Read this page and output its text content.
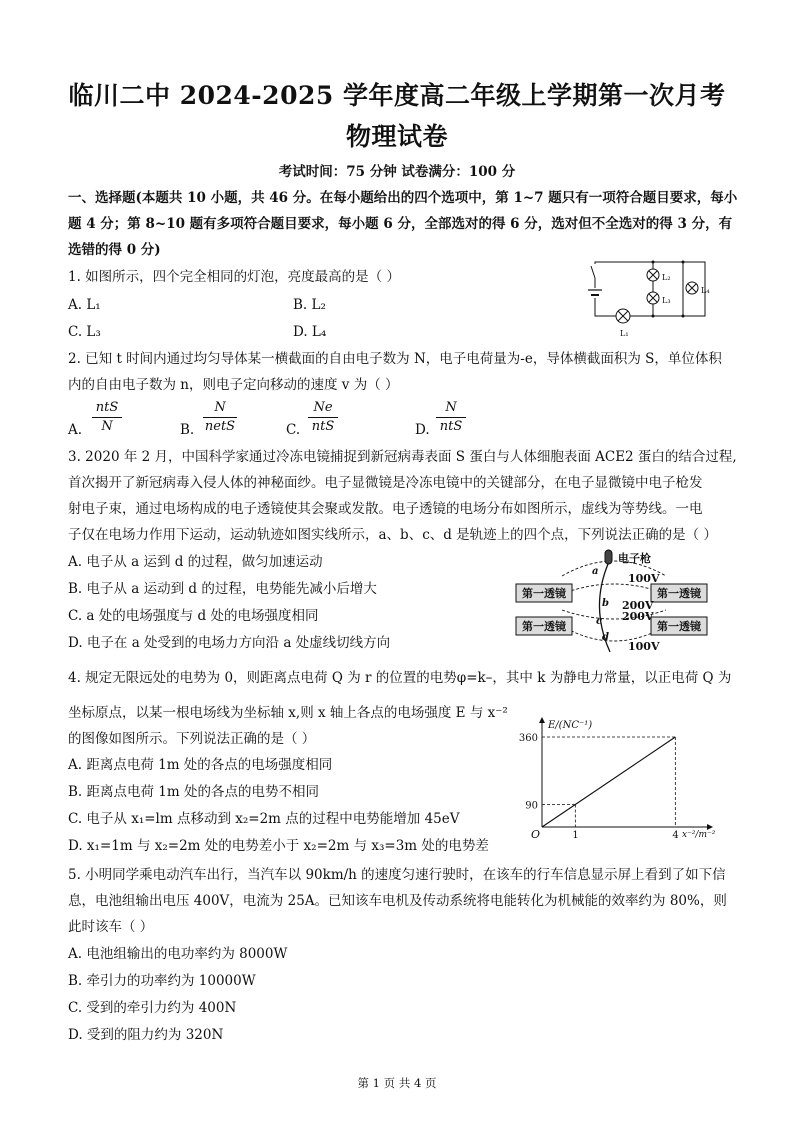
临川二中 2024-2025 学年度高二年级上学期第一次月考
物理试卷
考试时间：75 分钟 试卷满分：100 分
一、选择题(本题共 10 小题，共 46 分。在每小题给出的四个选项中，第 1~7 题只有一项符合题目要求，每小
题 4 分；第 8~10 题有多项符合题目要求，每小题 6 分，全部选对的得 6 分，选对但不全选对的得 3 分，有
选错的得 0 分)
1. 如图所示，四个完全相同的灯泡，亮度最高的是（ ）
A. L₁	B. L₂
C. L₃	D. L₄
L₂
L₃
L₄
L₁
2. 已知 t 时间内通过均匀导体某一横截面的自由电子数为 N，电子电荷量为-e，导体横截面积为 S，单位体积
内的自由电子数为 n，则电子定向移动的速度 v 为（ ）
A.
ntS
N	B.
N
netS	C.
Ne
ntS	D.
N
ntS
3. 2020 年 2 月，中国科学家通过冷冻电镜捕捉到新冠病毒表面 S 蛋白与人体细胞表面 ACE2 蛋白的结合过程,
首次揭开了新冠病毒入侵人体的神秘面纱。电子显微镜是冷冻电镜中的关键部分，在电子显微镜中电子枪发
射电子束，通过电场构成的电子透镜使其会聚或发散。电子透镜的电场分布如图所示，虚线为等势线。一电
子仅在电场力作用下运动，运动轨迹如图实线所示，a、b、c、d 是轨迹上的四个点，下列说法正确的是（ ）
A. 电子从 a 运到 d 的过程，做匀加速运动
B. 电子从 a 运动到 d 的过程，电势能先减小后增大
C. a 处的电场强度与 d 处的电场强度相同
D. 电子在 a 处受到的电场力方向沿 a 处虚线切线方向
第一透镜	第一透镜
第一透镜	第一透镜
电子枪
a
b
c
d
100V
200V
200V
100V
4. 规定无限远处的电势为 0，则距离点电荷 Q 为 r 的位置的电势φ=k–，其中 k 为静电力常量，以正电荷 Q 为
坐标原点，以某一根电场线为坐标轴 x,则 x 轴上各点的电场强度 E 与 x⁻²
的图像如图所示。下列说法正确的是（ ）
A. 距离点电荷 1m 处的各点的电场强度相同
B. 距离点电荷 1m 处的各点的电势不相同
C. 电子从 x₁=lm 点移动到 x₂=2m 点的过程中电势能增加 45eV
D. x₁=1m 与 x₂=2m 处的电势差小于 x₂=2m 与 x₃=3m 处的电势差
O
E/(NC⁻¹)
x⁻²/m⁻²
1	4
90
360
5. 小明同学乘电动汽车出行，当汽车以 90km/h 的速度匀速行驶时，在该车的行车信息显示屏上看到了如下信
息，电池组输出电压 400V，电流为 25A。已知该车电机及传动系统将电能转化为机械能的效率约为 80%，则
此时该车（ ）
A. 电池组输出的电功率约为 8000W
B. 牵引力的功率约为 10000W
C. 受到的牵引力约为 400N
D. 受到的阻力约为 320N
第 1 页 共 4 页
